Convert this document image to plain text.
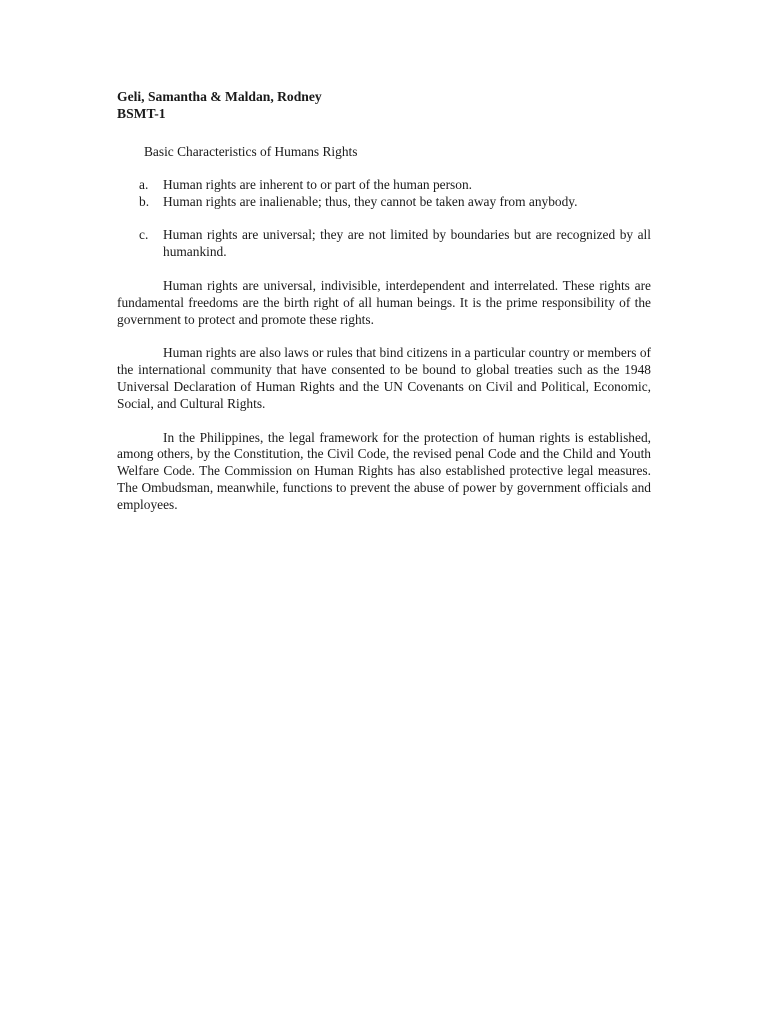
Geli, Samantha & Maldan, Rodney
BSMT-1
Basic Characteristics of Humans Rights
a.	Human rights are inherent to or part of the human person.
b.	Human rights are inalienable; thus, they cannot be taken away from anybody.
c.	Human rights are universal; they are not limited by boundaries but are recognized by all humankind.

Human rights are universal, indivisible, interdependent and interrelated. These rights are fundamental freedoms are the birth right of all human beings. It is the prime responsibility of the government to protect and promote these rights.

Human rights are also laws or rules that bind citizens in a particular country or members of the international community that have consented to be bound to global treaties such as the 1948 Universal Declaration of Human Rights and the UN Covenants on Civil and Political, Economic, Social, and Cultural Rights.

In the Philippines, the legal framework for the protection of human rights is established, among others, by the Constitution, the Civil Code, the revised penal Code and the Child and Youth Welfare Code. The Commission on Human Rights has also established protective legal measures. The Ombudsman, meanwhile, functions to prevent the abuse of power by government officials and employees.
